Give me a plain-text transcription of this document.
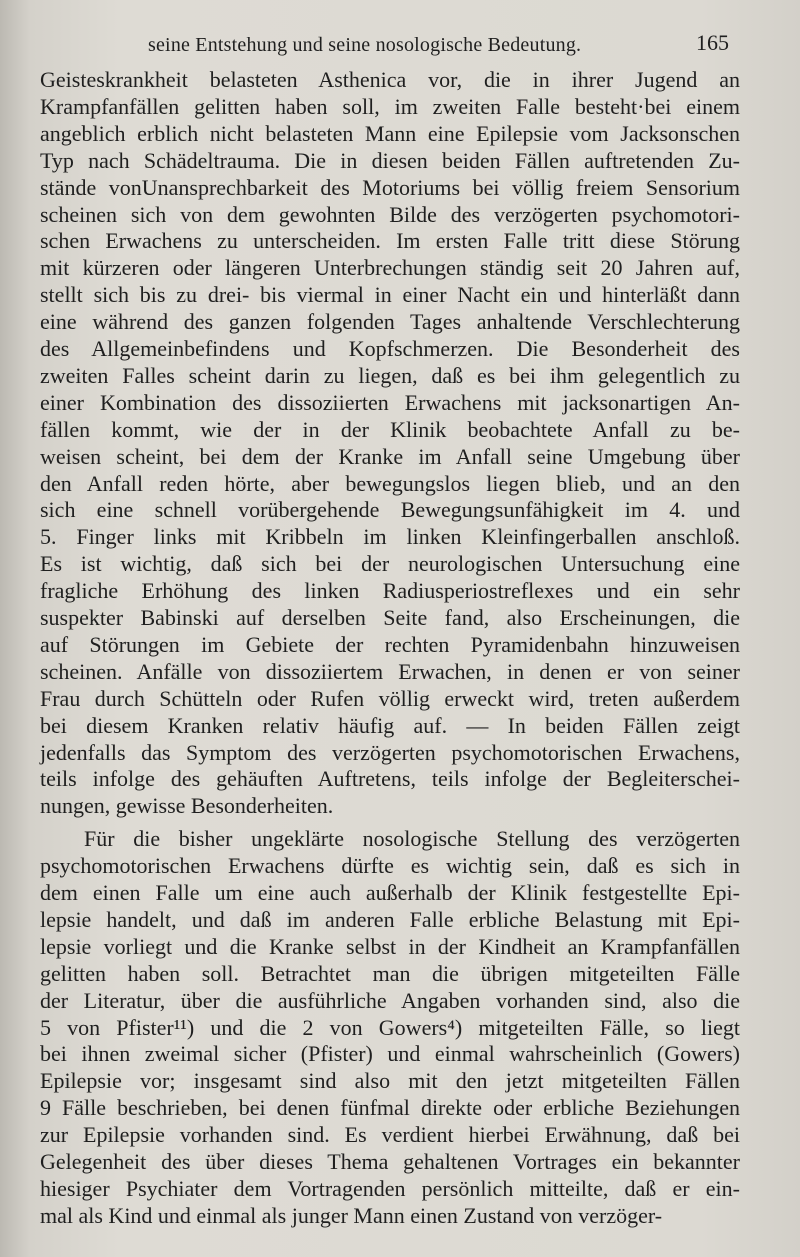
seine Entstehung und seine nosologische Bedeutung.	165
Geisteskrankheit belasteten Asthenica vor, die in ihrer Jugend an
Krampfanfällen gelitten haben soll, im zweiten Falle besteht·bei einem
angeblich erblich nicht belasteten Mann eine Epilepsie vom Jacksonschen
Typ nach Schädeltrauma. Die in diesen beiden Fällen auftretenden Zu-
stände vonUnansprechbarkeit des Motoriums bei völlig freiem Sensorium
scheinen sich von dem gewohnten Bilde des verzögerten psychomotori-
schen Erwachens zu unterscheiden. Im ersten Falle tritt diese Störung
mit kürzeren oder längeren Unterbrechungen ständig seit 20 Jahren auf,
stellt sich bis zu drei- bis viermal in einer Nacht ein und hinterläßt dann
eine während des ganzen folgenden Tages anhaltende Verschlechterung
des Allgemeinbefindens und Kopfschmerzen. Die Besonderheit des
zweiten Falles scheint darin zu liegen, daß es bei ihm gelegentlich zu
einer Kombination des dissoziierten Erwachens mit jacksonartigen An-
fällen kommt, wie der in der Klinik beobachtete Anfall zu be-
weisen scheint, bei dem der Kranke im Anfall seine Umgebung über
den Anfall reden hörte, aber bewegungslos liegen blieb, und an den
sich eine schnell vorübergehende Bewegungsunfähigkeit im 4. und
5. Finger links mit Kribbeln im linken Kleinfingerballen anschloß.
Es ist wichtig, daß sich bei der neurologischen Untersuchung eine
fragliche Erhöhung des linken Radiusperiostreflexes und ein sehr
suspekter Babinski auf derselben Seite fand, also Erscheinungen, die
auf Störungen im Gebiete der rechten Pyramidenbahn hinzuweisen
scheinen. Anfälle von dissoziiertem Erwachen, in denen er von seiner
Frau durch Schütteln oder Rufen völlig erweckt wird, treten außerdem
bei diesem Kranken relativ häufig auf. — In beiden Fällen zeigt
jedenfalls das Symptom des verzögerten psychomotorischen Erwachens,
teils infolge des gehäuften Auftretens, teils infolge der Begleiterschei-
nungen, gewisse Besonderheiten.
Für die bisher ungeklärte nosologische Stellung des verzögerten
psychomotorischen Erwachens dürfte es wichtig sein, daß es sich in
dem einen Falle um eine auch außerhalb der Klinik festgestellte Epi-
lepsie handelt, und daß im anderen Falle erbliche Belastung mit Epi-
lepsie vorliegt und die Kranke selbst in der Kindheit an Krampfanfällen
gelitten haben soll. Betrachtet man die übrigen mitgeteilten Fälle
der Literatur, über die ausführliche Angaben vorhanden sind, also die
5 von Pfister¹¹) und die 2 von Gowers⁴) mitgeteilten Fälle, so liegt
bei ihnen zweimal sicher (Pfister) und einmal wahrscheinlich (Gowers)
Epilepsie vor; insgesamt sind also mit den jetzt mitgeteilten Fällen
9 Fälle beschrieben, bei denen fünfmal direkte oder erbliche Beziehungen
zur Epilepsie vorhanden sind. Es verdient hierbei Erwähnung, daß bei
Gelegenheit des über dieses Thema gehaltenen Vortrages ein bekannter
hiesiger Psychiater dem Vortragenden persönlich mitteilte, daß er ein-
mal als Kind und einmal als junger Mann einen Zustand von verzöger-
